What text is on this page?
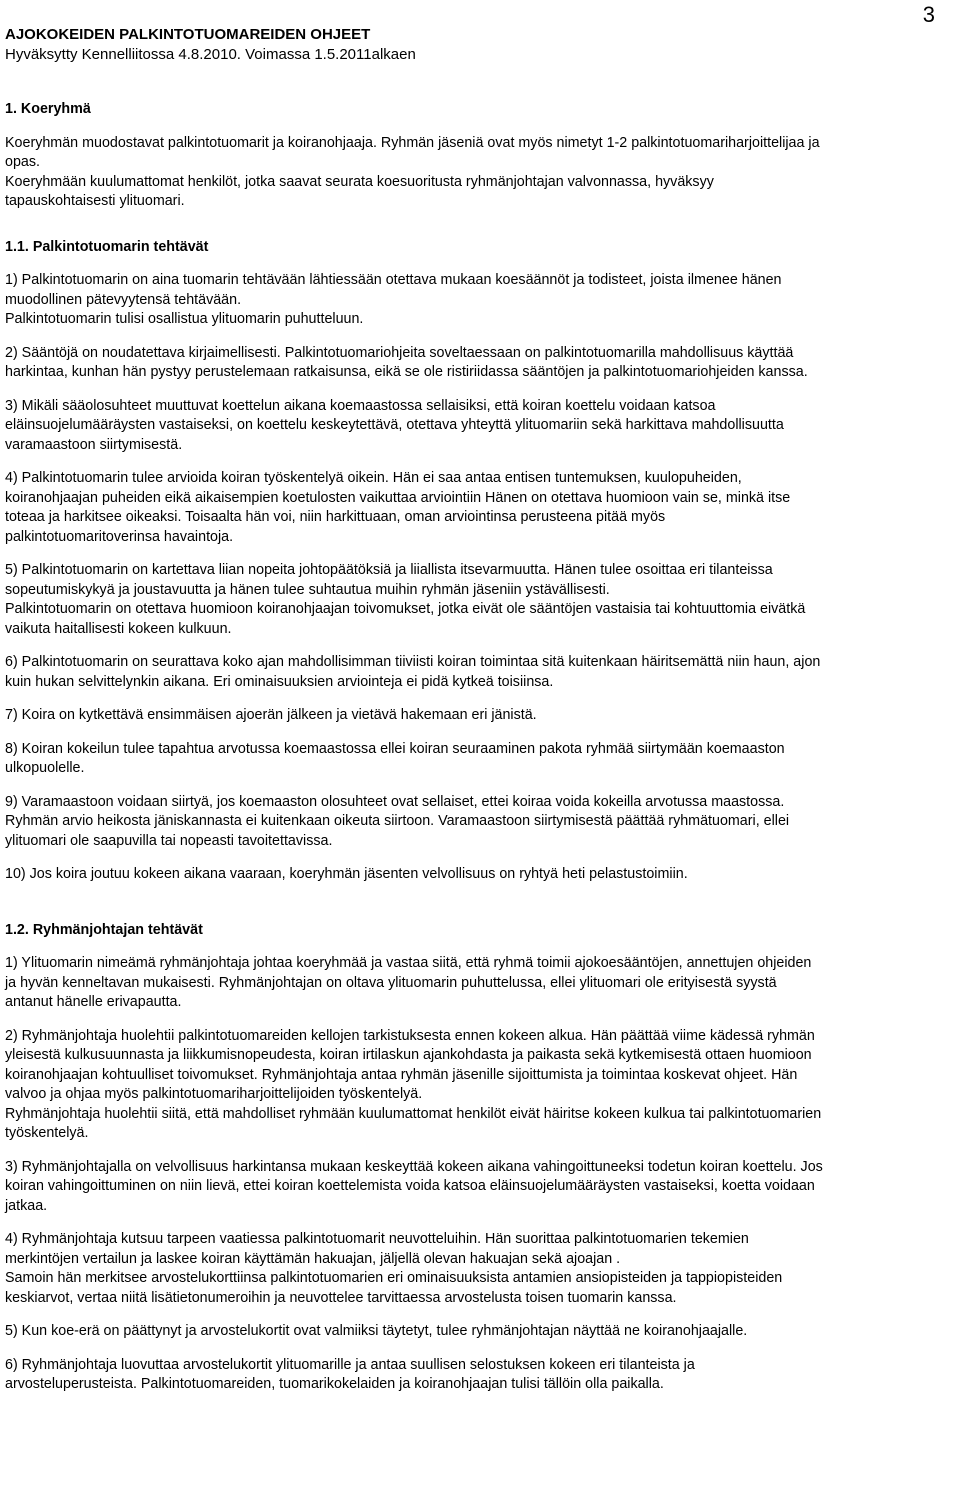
3
AJOKOKEIDEN PALKINTOTUOMAREIDEN OHJEET
Hyväksytty Kennelliitossa 4.8.2010. Voimassa 1.5.2011alkaen
1. Koeryhmä

Koeryhmän muodostavat palkintotuomarit ja koiranohjaaja. Ryhmän jäseniä ovat myös nimetyt 1-2 palkintotuomariharjoittelijaa ja
opas.
Koeryhmään kuulumattomat henkilöt, jotka saavat seurata koesuoritusta ryhmänjohtajan valvonnassa, hyväksyy
tapauskohtaisesti ylituomari.

1.1. Palkintotuomarin tehtävät

1) Palkintotuomarin on aina tuomarin tehtävään lähtiessään otettava mukaan koesäännöt ja todisteet, joista ilmenee hänen
muodollinen pätevyytensä tehtävään.
Palkintotuomarin tulisi osallistua ylituomarin puhutteluun.

2) Sääntöjä on noudatettava kirjaimellisesti. Palkintotuomariohjeita soveltaessaan on palkintotuomarilla mahdollisuus käyttää
harkintaa, kunhan hän pystyy perustelemaan ratkaisunsa, eikä se ole ristiriidassa sääntöjen ja palkintotuomariohjeiden kanssa.

3) Mikäli sääolosuhteet muuttuvat koettelun aikana koemaastossa sellaisiksi, että koiran koettelu voidaan katsoa
eläinsuojelumääräysten vastaiseksi, on koettelu keskeytettävä, otettava yhteyttä ylituomariin sekä harkittava mahdollisuutta
varamaastoon siirtymisestä.

4) Palkintotuomarin tulee arvioida koiran työskentelyä oikein. Hän ei saa antaa entisen tuntemuksen, kuulopuheiden,
koiranohjaajan puheiden eikä aikaisempien koetulosten vaikuttaa arviointiin Hänen on otettava huomioon vain se, minkä itse
toteaa ja harkitsee oikeaksi. Toisaalta hän voi, niin harkittuaan, oman arviointinsa perusteena pitää myös
palkintotuomaritoverinsa havaintoja.

5) Palkintotuomarin on kartettava liian nopeita johtopäätöksiä ja liiallista itsevarmuutta. Hänen tulee osoittaa eri tilanteissa
sopeutumiskykyä ja joustavuutta ja hänen tulee suhtautua muihin ryhmän jäseniin ystävällisesti.
Palkintotuomarin on otettava huomioon koiranohjaajan toivomukset, jotka eivät ole sääntöjen vastaisia tai kohtuuttomia eivätkä
vaikuta haitallisesti kokeen kulkuun.

6) Palkintotuomarin on seurattava koko ajan mahdollisimman tiiviisti koiran toimintaa sitä kuitenkaan häiritsemättä niin haun, ajon
kuin hukan selvittelynkin aikana. Eri ominaisuuksien arviointeja ei pidä kytkeä toisiinsa.

7) Koira on kytkettävä ensimmäisen ajoerän jälkeen ja vietävä hakemaan eri jänistä.

8) Koiran kokeilun tulee tapahtua arvotussa koemaastossa ellei koiran seuraaminen pakota ryhmää siirtymään koemaaston
ulkopuolelle.

9) Varamaastoon voidaan siirtyä, jos koemaaston olosuhteet ovat sellaiset, ettei koiraa voida kokeilla arvotussa maastossa.
Ryhmän arvio heikosta jäniskannasta ei kuitenkaan oikeuta siirtoon. Varamaastoon siirtymisestä päättää ryhmätuomari, ellei
ylituomari ole saapuvilla tai nopeasti tavoitettavissa.

10) Jos koira joutuu kokeen aikana vaaraan, koeryhmän jäsenten velvollisuus on ryhtyä heti pelastustoimiin.

1.2. Ryhmänjohtajan tehtävät

1) Ylituomarin nimeämä ryhmänjohtaja johtaa koeryhmää ja vastaa siitä, että ryhmä toimii ajokoesääntöjen, annettujen ohjeiden
ja hyvän kenneltavan mukaisesti. Ryhmänjohtajan on oltava ylituomarin puhuttelussa, ellei ylituomari ole erityisestä syystä
antanut hänelle erivapautta.

2) Ryhmänjohtaja huolehtii palkintotuomareiden kellojen tarkistuksesta ennen kokeen alkua. Hän päättää viime kädessä ryhmän
yleisestä kulkusuunnasta ja liikkumisnopeudesta, koiran irtilaskun ajankohdasta ja paikasta sekä kytkemisestä ottaen huomioon
koiranohjaajan kohtuulliset toivomukset. Ryhmänjohtaja antaa ryhmän jäsenille sijoittumista ja toimintaa koskevat ohjeet. Hän
valvoo ja ohjaa myös palkintotuomariharjoittelijoiden työskentelyä.
Ryhmänjohtaja huolehtii siitä, että mahdolliset ryhmään kuulumattomat henkilöt eivät häiritse kokeen kulkua tai palkintotuomarien
työskentelyä.

3) Ryhmänjohtajalla on velvollisuus harkintansa mukaan keskeyttää kokeen aikana vahingoittuneeksi todetun koiran koettelu. Jos
koiran vahingoittuminen on niin lievä, ettei koiran koettelemista voida katsoa eläinsuojelumääräysten vastaiseksi, koetta voidaan
jatkaa.

4) Ryhmänjohtaja kutsuu tarpeen vaatiessa palkintotuomarit neuvotteluihin. Hän suorittaa palkintotuomarien tekemien
merkintöjen vertailun ja laskee koiran käyttämän hakuajan, jäljellä olevan hakuajan sekä ajoajan .
Samoin hän merkitsee arvostelukorttiinsa palkintotuomarien eri ominaisuuksista antamien ansiopisteiden ja tappiopisteiden
keskiarvot, vertaa niitä lisätietonumeroihin ja neuvottelee tarvittaessa arvostelusta toisen tuomarin kanssa.

5) Kun koe-erä on päättynyt ja arvostelukortit ovat valmiiksi täytetyt, tulee ryhmänjohtajan näyttää ne koiranohjaajalle.

6) Ryhmänjohtaja luovuttaa arvostelukortit ylituomarille ja antaa suullisen selostuksen kokeen eri tilanteista ja
arvosteluperusteista. Palkintotuomareiden, tuomarikokelaiden ja koiranohjaajan tulisi tällöin olla paikalla.
